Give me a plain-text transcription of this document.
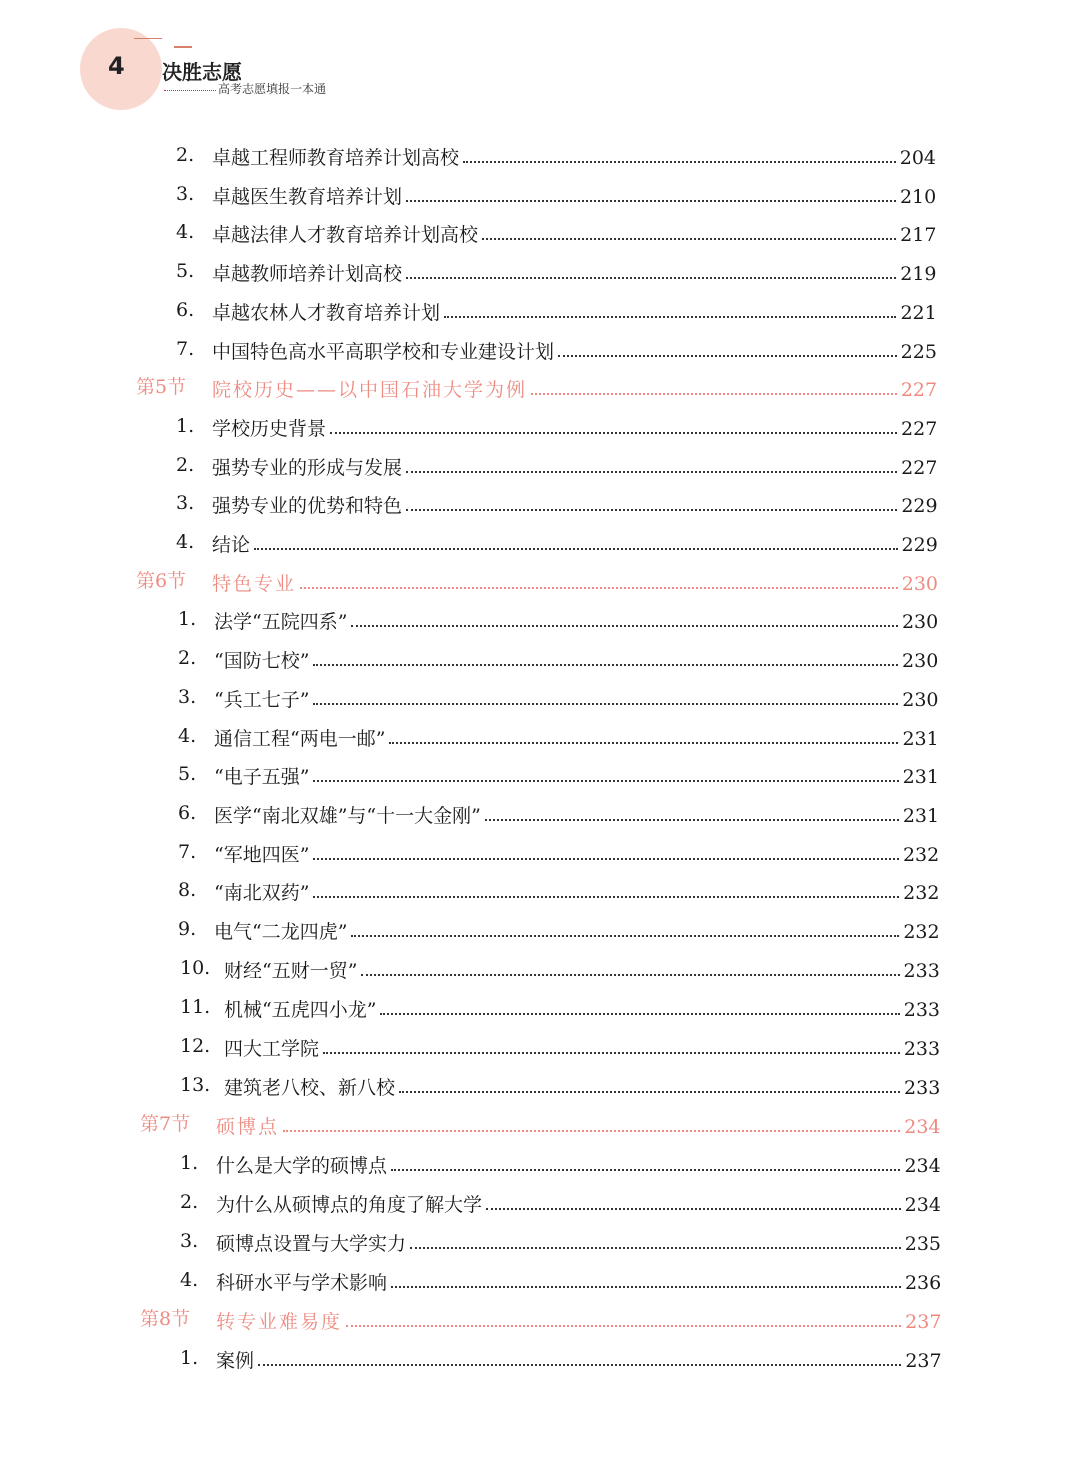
4	决胜志愿
高考志愿填报一本通
2. 卓越工程师教育培养计划高校	204
3. 卓越医生教育培养计划	210
4. 卓越法律人才教育培养计划高校	217
5. 卓越教师培养计划高校	219
6. 卓越农林人才教育培养计划	221
7. 中国特色高水平高职学校和专业建设计划	225
第5节 院校历史——以中国石油大学为例	227
1. 学校历史背景	227
2. 强势专业的形成与发展	227
3. 强势专业的优势和特色	229
4. 结论	229
第6节 特色专业	230
1. 法学“五院四系”	230
2. “国防七校”	230
3. “兵工七子”	230
4. 通信工程“两电一邮”	231
5. “电子五强”	231
6. 医学“南北双雄”与“十一大金刚”	231
7. “军地四医”	232
8. “南北双药”	232
9. 电气“二龙四虎”	232
10. 财经“五财一贸”	233
11. 机械“五虎四小龙”	233
12. 四大工学院	233
13. 建筑老八校、新八校	233
第7节 硕博点	234
1. 什么是大学的硕博点	234
2. 为什么从硕博点的角度了解大学	234
3. 硕博点设置与大学实力	235
4. 科研水平与学术影响	236
第8节 转专业难易度	237
1. 案例	237
